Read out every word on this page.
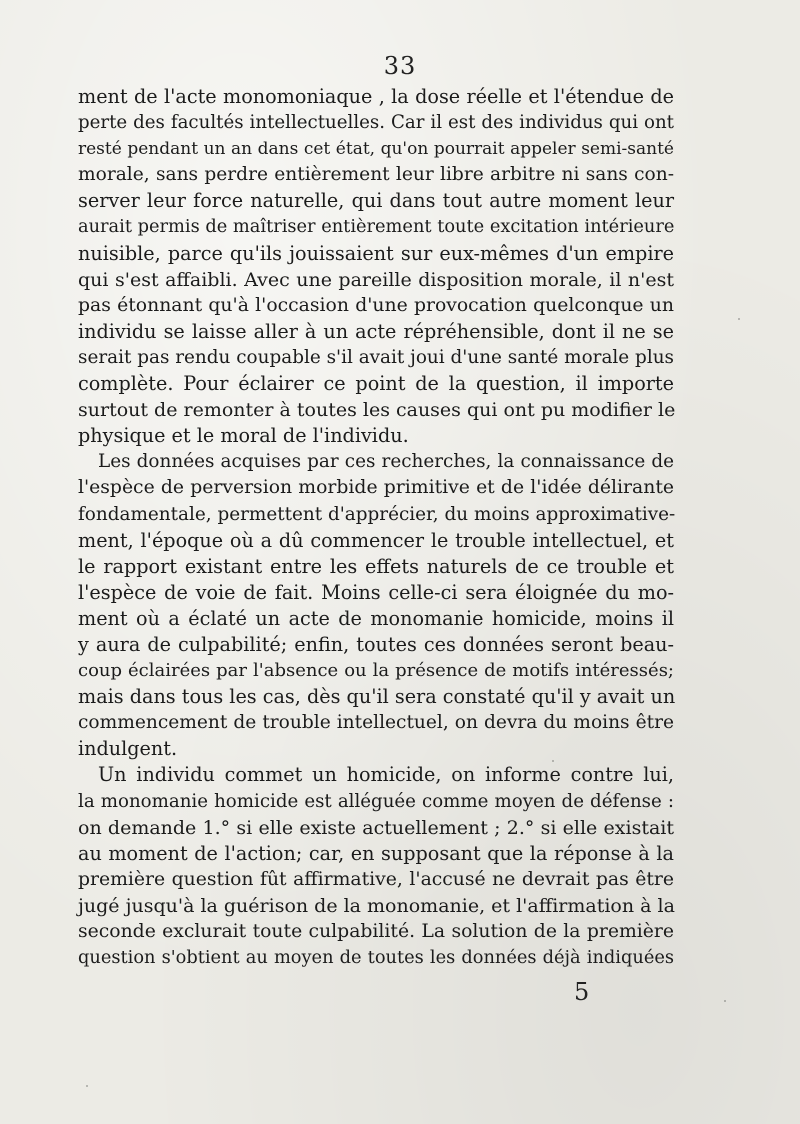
33
ment de l'acte monomoniaque , la dose réelle et l'étendue de
perte des facultés intellectuelles. Car il est des individus qui ont
resté pendant un an dans cet état, qu'on pourrait appeler semi-santé
morale, sans perdre entièrement leur libre arbitre ni sans con-
server leur force naturelle, qui dans tout autre moment leur
aurait permis de maîtriser entièrement toute excitation intérieure
nuisible, parce qu'ils jouissaient sur eux-mêmes d'un empire
qui s'est affaibli. Avec une pareille disposition morale, il n'est
pas étonnant qu'à l'occasion d'une provocation quelconque un
individu se laisse aller à un acte répréhensible, dont il ne se
serait pas rendu coupable s'il avait joui d'une santé morale plus
complète. Pour éclairer ce point de la question, il importe
surtout de remonter à toutes les causes qui ont pu modifier le
physique et le moral de l'individu.
Les données acquises par ces recherches, la connaissance de
l'espèce de perversion morbide primitive et de l'idée délirante
fondamentale, permettent d'apprécier, du moins approximative-
ment, l'époque où a dû commencer le trouble intellectuel, et
le rapport existant entre les effets naturels de ce trouble et
l'espèce de voie de fait. Moins celle-ci sera éloignée du mo-
ment où a éclaté un acte de monomanie homicide, moins il
y aura de culpabilité; enfin, toutes ces données seront beau-
coup éclairées par l'absence ou la présence de motifs intéressés;
mais dans tous les cas, dès qu'il sera constaté qu'il y avait un
commencement de trouble intellectuel, on devra du moins être
indulgent.
Un individu commet un homicide, on informe contre lui,
la monomanie homicide est alléguée comme moyen de défense :
on demande 1.° si elle existe actuellement ; 2.° si elle existait
au moment de l'action; car, en supposant que la réponse à la
première question fût affirmative, l'accusé ne devrait pas être
jugé jusqu'à la guérison de la monomanie, et l'affirmation à la
seconde exclurait toute culpabilité. La solution de la première
question s'obtient au moyen de toutes les données déjà indiquées
5
